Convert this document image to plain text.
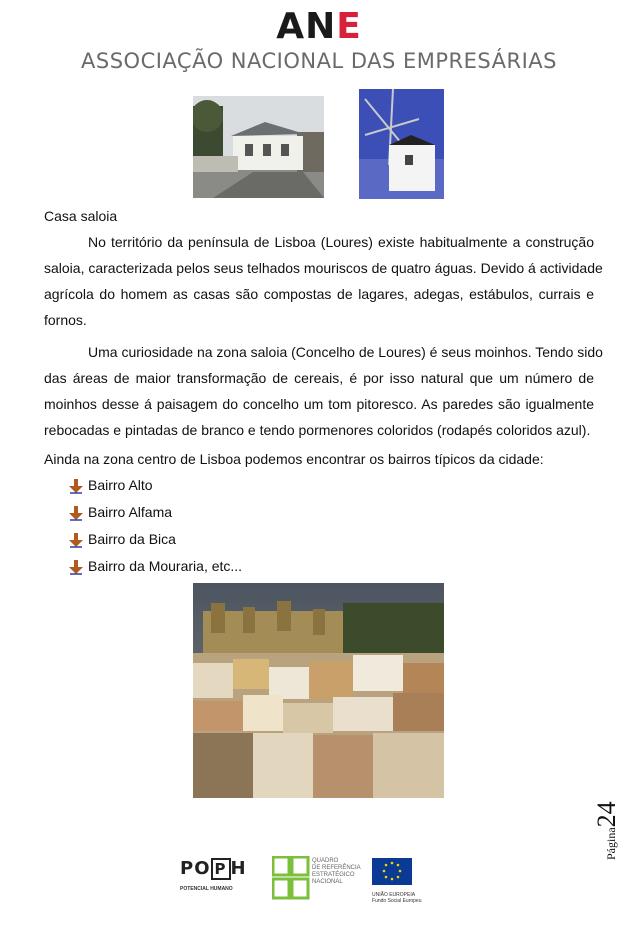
ANE
ASSOCIAÇÃO NACIONAL DAS EMPRESÁRIAS
Casa saloia
No território da península de Lisboa (Loures) existe habitualmente a construção
saloia, caracterizada pelos seus telhados mouriscos de quatro águas. Devido á actividade
agrícola do homem as casas são compostas de lagares, adegas, estábulos, currais e
fornos.
Uma curiosidade na zona saloia (Concelho de Loures) é seus moinhos. Tendo sido
das áreas de maior transformação de cereais, é por isso natural que um número de
moinhos desse á paisagem do concelho um tom pitoresco. As paredes são igualmente
rebocadas e pintadas de branco e tendo pormenores coloridos (rodapés coloridos azul).
Ainda na zona centro de Lisboa podemos encontrar os bairros típicos da cidade:
Bairro Alto
Bairro Alfama
Bairro da Bica
Bairro da Mouraria, etc...
Página24
PO P H
POTENCIAL HUMANO
QUADRO
DE REFERÊNCIA
ESTRATÉGICO
NACIONAL
UNIÃO EUROPEIA
Fundo Social Europeu
